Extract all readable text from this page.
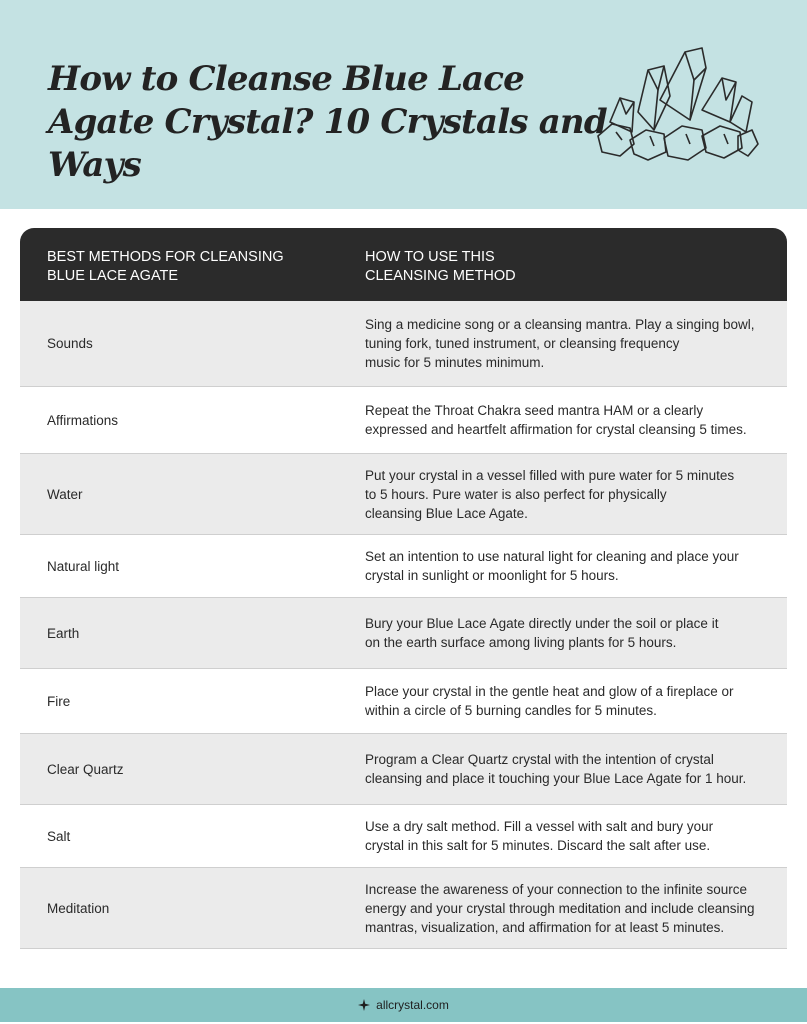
How to Cleanse Blue Lace Agate Crystal? 10 Crystals and Ways
BEST METHODS FOR CLEANSING
BLUE LACE AGATE
HOW TO USE THIS
CLEANSING METHOD
Sounds
Sing a medicine song or a cleansing mantra. Play a singing bowl,
tuning fork, tuned instrument, or cleansing frequency
music for 5 minutes minimum.
Affirmations
Repeat the Throat Chakra seed mantra HAM or a clearly
expressed and heartfelt affirmation for crystal cleansing 5 times.
Water
Put your crystal in a vessel filled with pure water for 5 minutes
to 5 hours. Pure water is also perfect for physically
cleansing Blue Lace Agate.
Natural light
Set an intention to use natural light for cleaning and place your
crystal in sunlight or moonlight for 5 hours.
Earth
Bury your Blue Lace Agate directly under the soil or place it
on the earth surface among living plants for 5 hours.
Fire
Place your crystal in the gentle heat and glow of a fireplace or
within a circle of 5 burning candles for 5 minutes.
Clear Quartz
Program a Clear Quartz crystal with the intention of crystal
cleansing and place it touching your Blue Lace Agate for 1 hour.
Salt
Use a dry salt method. Fill a vessel with salt and bury your
crystal in this salt for 5 minutes. Discard the salt after use.
Meditation
Increase the awareness of your connection to the infinite source
energy and your crystal through meditation and include cleansing
mantras, visualization, and affirmation for at least 5 minutes.
allcrystal.com
